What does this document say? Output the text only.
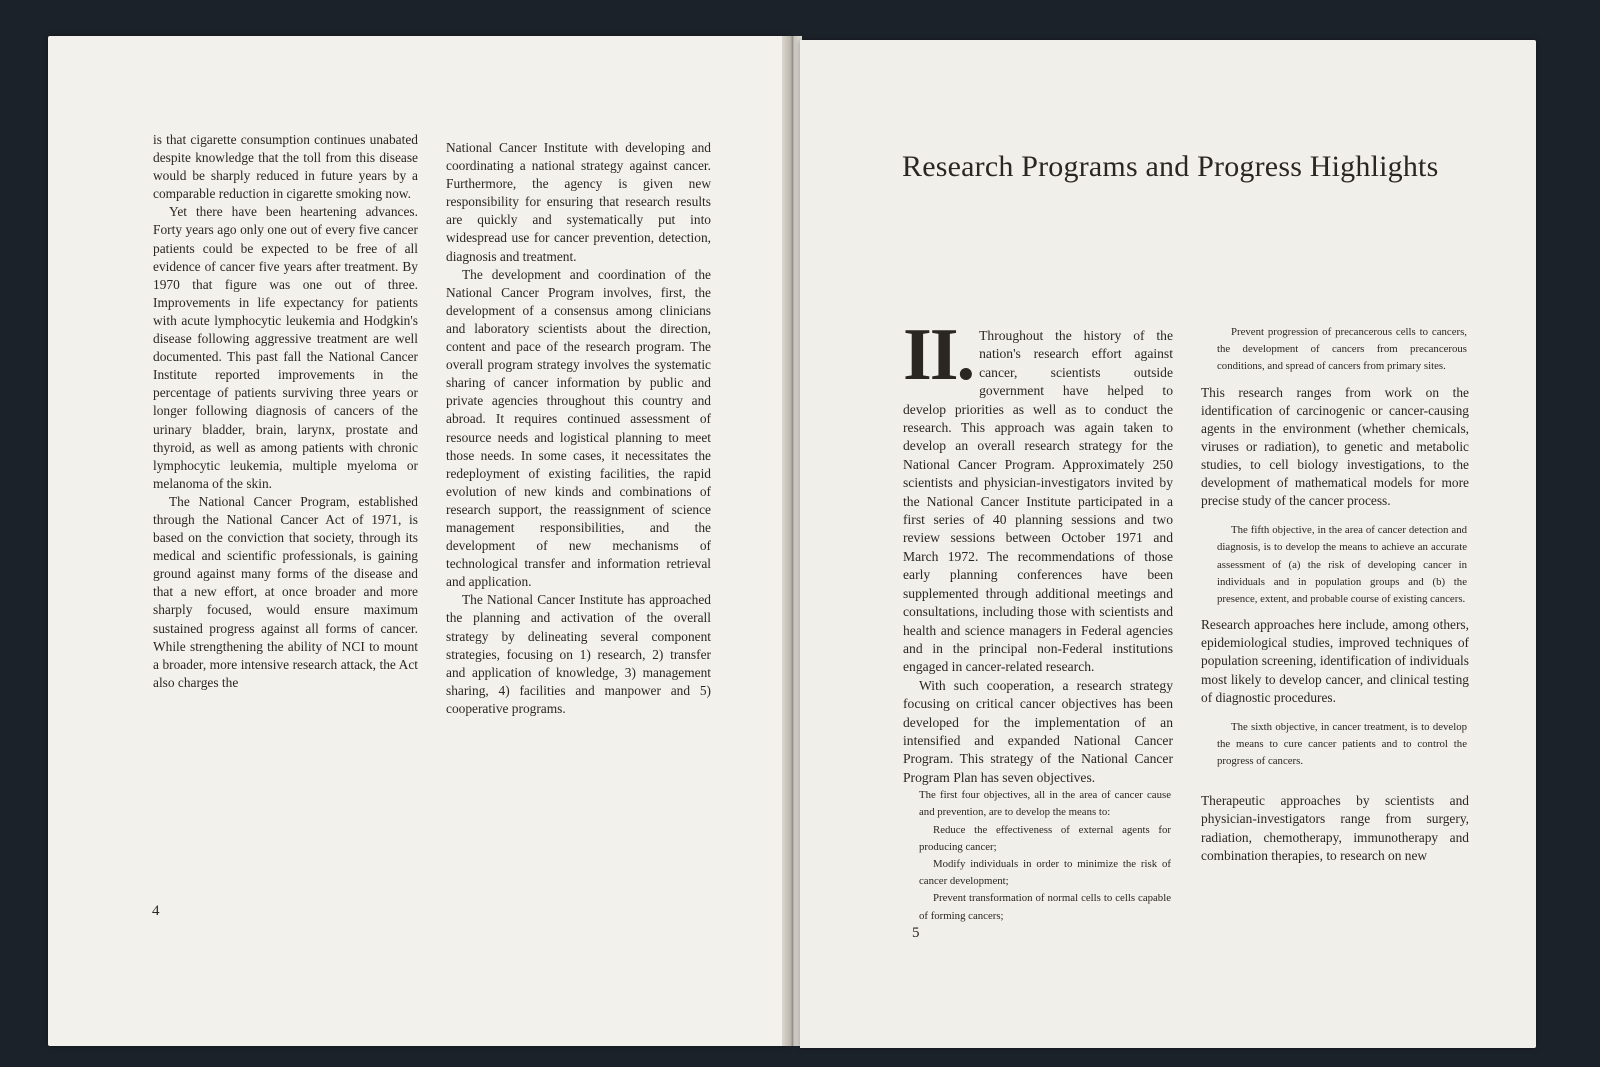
is that cigarette consumption continues unabated despite knowledge that the toll from this disease would be sharply reduced in future years by a comparable reduction in cigarette smoking now.

Yet there have been heartening advances. Forty years ago only one out of every five cancer patients could be expected to be free of all evidence of cancer five years after treatment. By 1970 that figure was one out of three. Improvements in life expectancy for patients with acute lymphocytic leukemia and Hodgkin's disease following aggressive treatment are well documented. This past fall the National Cancer Institute reported improvements in the percentage of patients surviving three years or longer following diagnosis of cancers of the urinary bladder, brain, larynx, prostate and thyroid, as well as among patients with chronic lymphocytic leukemia, multiple myeloma or melanoma of the skin.

The National Cancer Program, established through the National Cancer Act of 1971, is based on the conviction that society, through its medical and scientific professionals, is gaining ground against many forms of the disease and that a new effort, at once broader and more sharply focused, would ensure maximum sustained progress against all forms of cancer. While strengthening the ability of NCI to mount a broader, more intensive research attack, the Act also charges the

National Cancer Institute with developing and coordinating a national strategy against cancer. Furthermore, the agency is given new responsibility for ensuring that research results are quickly and systematically put into widespread use for cancer prevention, detection, diagnosis and treatment.

The development and coordination of the National Cancer Program involves, first, the development of a consensus among clinicians and laboratory scientists about the direction, content and pace of the research program. The overall program strategy involves the systematic sharing of cancer information by public and private agencies throughout this country and abroad. It requires continued assessment of resource needs and logistical planning to meet those needs. In some cases, it necessitates the redeployment of existing facilities, the rapid evolution of new kinds and combinations of research support, the reassignment of science management responsibilities, and the development of new mechanisms of technological transfer and information retrieval and application.

The National Cancer Institute has approached the planning and activation of the overall strategy by delineating several component strategies, focusing on 1) research, 2) transfer and application of knowledge, 3) management sharing, 4) facilities and manpower and 5) cooperative programs.

4
Research Programs and Progress Highlights

II. Throughout the history of the nation's research effort against cancer, scientists outside government have helped to develop priorities as well as to conduct the research. This approach was again taken to develop an overall research strategy for the National Cancer Program. Approximately 250 scientists and physician-investigators invited by the National Cancer Institute participated in a first series of 40 planning sessions and two review sessions between October 1971 and March 1972. The recommendations of those early planning conferences have been supplemented through additional meetings and consultations, including those with scientists and health and science managers in Federal agencies and in the principal non-Federal institutions engaged in cancer-related research.

With such cooperation, a research strategy focusing on critical cancer objectives has been developed for the implementation of an intensified and expanded National Cancer Program. This strategy of the National Cancer Program Plan has seven objectives.

The first four objectives, all in the area of cancer cause and prevention, are to develop the means to:

Reduce the effectiveness of external agents for producing cancer;

Modify individuals in order to minimize the risk of cancer development;

Prevent transformation of normal cells to cells capable of forming cancers;

Prevent progression of precancerous cells to cancers, the development of cancers from precancerous conditions, and spread of cancers from primary sites.

This research ranges from work on the identification of carcinogenic or cancer-causing agents in the environment (whether chemicals, viruses or radiation), to genetic and metabolic studies, to cell biology investigations, to the development of mathematical models for more precise study of the cancer process.

The fifth objective, in the area of cancer detection and diagnosis, is to develop the means to achieve an accurate assessment of (a) the risk of developing cancer in individuals and in population groups and (b) the presence, extent, and probable course of existing cancers.

Research approaches here include, among others, epidemiological studies, improved techniques of population screening, identification of individuals most likely to develop cancer, and clinical testing of diagnostic procedures.

The sixth objective, in cancer treatment, is to develop the means to cure cancer patients and to control the progress of cancers.

Therapeutic approaches by scientists and physician-investigators range from surgery, radiation, chemotherapy, immunotherapy and combination therapies, to research on new

5
